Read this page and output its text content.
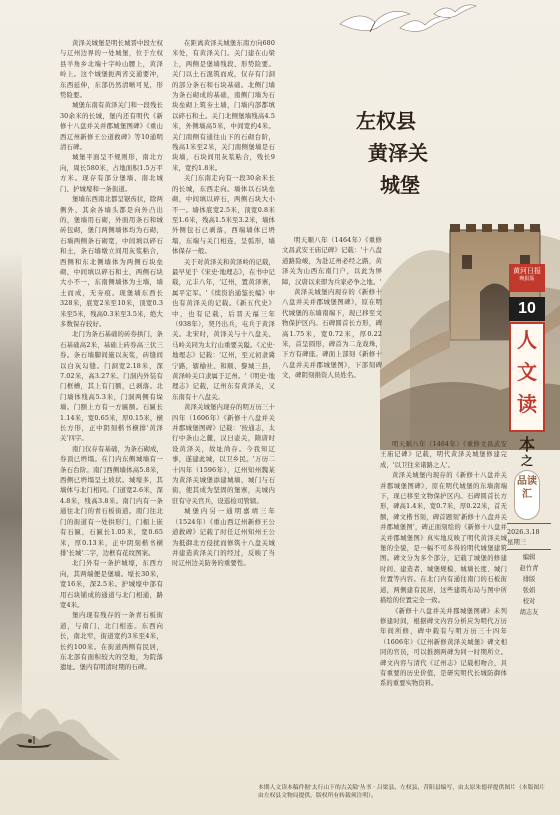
左权县
黄泽关
城堡

黄泽关城堡是明长城晋中段左权与辽州边界的一处城堡，位于左权县羊角乡北端十字岭山腰上，黄泽岭上。这个城堡扼两省交通要冲，东西延伸，东部仍然清晰可见，形势险要。

城堡东南有黄泽关门和一段残长30余米的长城，堡内还有明代《新修十八盘并关并郡城堡图碑》《重山西辽州新修王公道救碑》等10通明清石碑。

城堡平面呈不规则形，南北方向，周长580米，占地面积1.5万平方米。现存有部分堡墙、南北城门、护城壕和一条街道。

堡墙东西南北都呈锯齿状，除两侧外、其余各墙头都是向外凸出的，堡墙用石砌，外面用条石和城砖包砌，堡门两侧墙体均为石砌，石墙两侧条石砌宽，中间填以碎石和土，条石墙墩立间用灰浆粘合，西侧和东北侧墙体为两侧石块垒砌，中间填以碎石和土，两侧石块大小不一，东南侧墙体为土墙，墙土而成，无夯痕。现堡墙东西长328米，底宽2米至10米，顶宽0.3米至5米，残高0.3米至3.5米，绝大多数保存较好。

北门为条石基础的砖券拱门，条石基础高2米，基础上砖券高三伏三券。条石墙脚间施以灰浆，砖缝间以白灰勾缝。门洞宽2.18米，深7.02米，高3.27米。门洞内外装有门框槽，其上有门额，已剥落。北门墙体残高5.3米，门洞两侧有垛墙。门额上方有一方匾额。石匾长1.14米，宽0.65米，厚0.15米，横长方形，正中阴刻楷书横排'黄泽关'四字。

南门仅存有基础，为条石砌成，券顶已坍塌。在门内东侧城墙有一条石台阶。南门西侧墙体高5.8米，西侧已坍塌呈土坡状。城壕多，其墙体与北门相同。门道宽2.6米，深4.8米，残高3.8米。南门内有一条通往北门的青石板街道。南门往北门的街道有一处拱形门，门楣上嵌有石匾，石匾长1.05米，宽0.65米，厚0.13米，正中阴刻楷书横排'长城'二字，边框有花纹图案。

北门外有一条护城壕，东西方向，其两端便是堡墙。壕长30米，宽16米，深2.5米。护城壕中部有用石块铺成的通道与北门相通，路宽4米。

堡内现有残存的一条青石板街道，与南门、北门相连。东西向长，南北窄，街道宽约3米至4米，长约100米。在街道两侧有民居，东北部有面积较大的空地，为院落遗址。堡内有明清时期的石碑。

在距离黄泽关城堡东南方向680米处，有黄泽关门。关门建在山梁上，两侧是堡墙残段、形势险要。关门以土石混筑而成，仅存有门洞的部分条石和石块基础。北侧门墙为条石砌成的基础，南侧门墙为石块垒砌上筑夯土墙，门墙内部都填以碎石和土。关门北侧堡墙残高4.5米，外侧墙高5米，中间宽约4米。关门南侧有通往山下的石砌台阶，残高1米至2米，关门南侧堡墙是石块墙，石块间用灰浆粘合，残长9米，宽约1.8米。

关门东南走向有一段30余米长的长城，东西走向。墙体以石块垒砌，中间填以碎石，两侧石块大小不一。墙体底宽2.5米，顶宽0.8米至1.6米，残高1.5米至3.2米，墙体外侧包石已剥落，西端墙体已坍塌，东端与关门相连，呈弧形，墙体保存一般。

关于对黄泽关和黄泽岭的记载，最早见于《宋史·地理志》，在书中记载，元丰八年，'辽州，置黄泽寨，属平定军。'《续资治通鉴长编》中也有黄泽关的记载。《新五代史》中，也有记载，后晋天福三年（938年），契丹出兵，屯兵于黄泽关。北宋时，黄泽关与十八盘关、马岭关同为太行山重要关隘。《元史·地理志》记载：'辽州，至元初隶冀宁路，辖榆社、和顺、黎城三县，黄泽岭关口隶属于辽州。'《明史·地理志》记载，辽州东有黄泽关，又东南有十八盘关。

黄泽关城堡内现存的明万历三十四年（1606年）《新修十八盘并关并郡城堡图碑》记载：'按通志，太行中条山之麓，汉曰壶关，隋唐时设黄泽关，故址尚存。今我知辽事，遂建此城，以卫乡民。'万历二十四年（1596年），辽州知州魏某为黄泽关城堡添建城墙、城门与石街，使其成为坚固的堡寨，关城内驻有守关官兵，设巡检司管辖。

城堡内另一通明嘉靖三年（1524年）《重山西辽州新修王公道救碑》记载了时任辽州知州王公为抵御北方侵扰而修筑十八盘关城并建造黄泽关门的经过，反映了当时辽州边关防务的重要性。

明天顺八年（1464年）《重修文昌武安王庙记碑》记载：'十八盘道路险峻，为赴辽州必经之路，黄泽关为山西东南门户，以此为屏障，汉唐以来即为兵家必争之地。'

黄泽关城堡内现存的《新修十八盘并关并郡城堡图碑》，原在明代城堡的东墙南端下，现已移至文物保护区内。石碑圆首长方形，碑高1.75米，宽0.72米，厚0.22米，首呈圆形，碑首为二龙戏珠，下方有碑座。碑面上部刻《新修十八盘并关并郡城堡图》，下部刻碑文，碑阴刻捐资人员姓名。

明天顺八年（1464年）《重修文昌武安王庙记碑》记载，明代黄泽关城堡修建完成，'以卫往来诸路之人'。

黄泽关城堡内现存的《新修十八盘并关并郡城堡图碑》，原在明代城堡的东墙南端下，现已移至文物保护区内。石碑圆首长方形，碑高1.4米，宽0.7米，厚0.22米，首无额，碑文楷书刻，碑首题刻'新修十八盘并关并郡城堡图'，碑正面刻绘的《新修十八盘并关并郡城堡图》真实地反映了明代黄泽关城堡的全貌，是一幅不可多得的明代城堡建筑图。碑文分为多个部分，记载了城堡的修建时间、建造者、城堡规模、城墙长度、城门位置等内容。在北门内有通往南门的石板街道，两侧建有民居，这些建筑布局与图中所描绘的位置完全一致。

《新修十八盘并关并郡城堡图碑》未列修建时间，根据碑文内容分析应为明代万历年间所修，碑中载有与明万历三十四年（1606年）《辽州新修黄泽关城堡》碑文相同的官员，可以推测两碑为同一时期所立。碑文内容与清代《辽州志》记载相吻合，具有重要的历史价值，是研究明代长城防御体系的重要实物资料。

黄河日报
晚报版
10
人
文
读
本
之
品读汇
2026.3.18
星期三
编辑
赵竹青
排版
张娟
校对
胡志友
本期人文读本稿件据'太行山下的古关隘'丛书 · 吕梁县、左权县、昔阳县编写，由太原朱德祥提供图片（本版图片由左权县文物局提供，版权所有转载须注明）。
